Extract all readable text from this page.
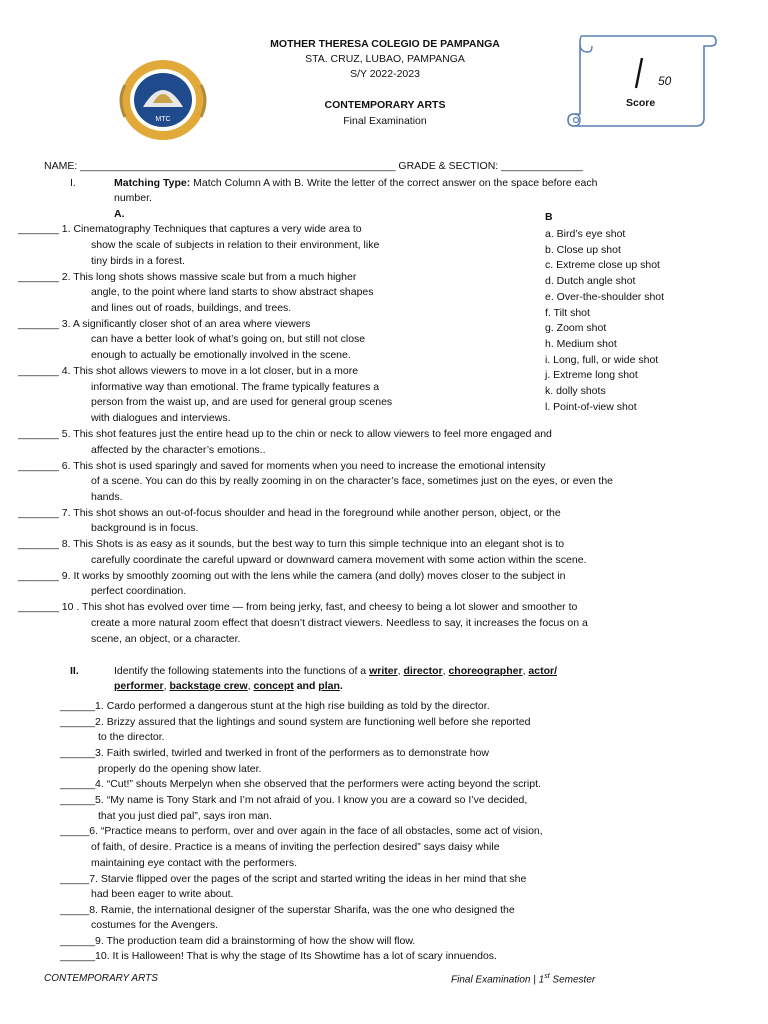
MTC
MOTHER THERESA COLEGIO DE PAMPANGA
STA. CRUZ, LUBAO, PAMPANGA
S/Y 2022-2023
CONTEMPORARY ARTS
Final Examination
50
Score
NAME: ______________________________________________________ GRADE & SECTION: ______________
I.	Matching Type: Match Column A with B. Write the letter of the correct answer on the space before each
number.
A.	B
_______ 1. Cinematography Techniques that captures a very wide area to
show the scale of subjects in relation to their environment, like
tiny birds in a forest.
_______ 2. This long shots shows massive scale but from a much higher
angle, to the point where land starts to show abstract shapes
and lines out of roads, buildings, and trees.
_______ 3. A significantly closer shot of an area where viewers
can have a better look of what’s going on, but still not close
enough to actually be emotionally involved in the scene.
_______ 4. This shot allows viewers to move in a lot closer, but in a more
informative way than emotional. The frame typically features a
person from the waist up, and are used for general group scenes
with dialogues and interviews.
_______ 5. This shot features just the entire head up to the chin or neck to allow viewers to feel more engaged and
affected by the character’s emotions..
_______ 6. This shot is used sparingly and saved for moments when you need to increase the emotional intensity
of a scene. You can do this by really zooming in on the character’s face, sometimes just on the eyes, or even the
hands.
_______ 7. This shot shows an out-of-focus shoulder and head in the foreground while another person, object, or the
background is in focus.
_______ 8. This Shots is as easy as it sounds, but the best way to turn this simple technique into an elegant shot is to
carefully coordinate the careful upward or downward camera movement with some action within the scene.
_______ 9. It works by smoothly zooming out with the lens while the camera (and dolly) moves closer to the subject in
perfect coordination.
_______ 10 . This shot has evolved over time — from being jerky, fast, and cheesy to being a lot slower and smoother to
create a more natural zoom effect that doesn’t distract viewers. Needless to say, it increases the focus on a
scene, an object, or a character.
a. Bird’s eye shot
b. Close up shot
c. Extreme close up shot
d. Dutch angle shot
e. Over-the-shoulder shot
f. Tilt shot
g. Zoom shot
h. Medium shot
i. Long, full, or wide shot
j. Extreme long shot
k. dolly shots
l. Point-of-view shot
II.	Identify the following statements into the functions of a writer, director, choreographer, actor/
performer, backstage crew, concept and plan.
______1. Cardo performed a dangerous stunt at the high rise building as told by the director.
______2. Brizzy assured that the lightings and sound system are functioning well before she reported
to the director.
______3. Faith swirled, twirled and twerked in front of the performers as to demonstrate how
properly do the opening show later.
______4. “Cut!” shouts Merpelyn when she observed that the performers were acting beyond the script.
______5. “My name is Tony Stark and I’m not afraid of you. I know you are a coward so I’ve decided,
that you just died pal”, says iron man.
_____6. “Practice means to perform, over and over again in the face of all obstacles, some act of vision,
of faith, of desire. Practice is a means of inviting the perfection desired” says daisy while
maintaining eye contact with the performers.
_____7. Starvie flipped over the pages of the script and started writing the ideas in her mind that she
had been eager to write about.
_____8. Ramie, the international designer of the superstar Sharifa, was the one who designed the
costumes for the Avengers.
______9. The production team did a brainstorming of how the show will flow.
______10. It is Halloween! That is why the stage of Its Showtime has a lot of scary innuendos.
CONTEMPORARY ARTS	Final Examination | 1st Semester
